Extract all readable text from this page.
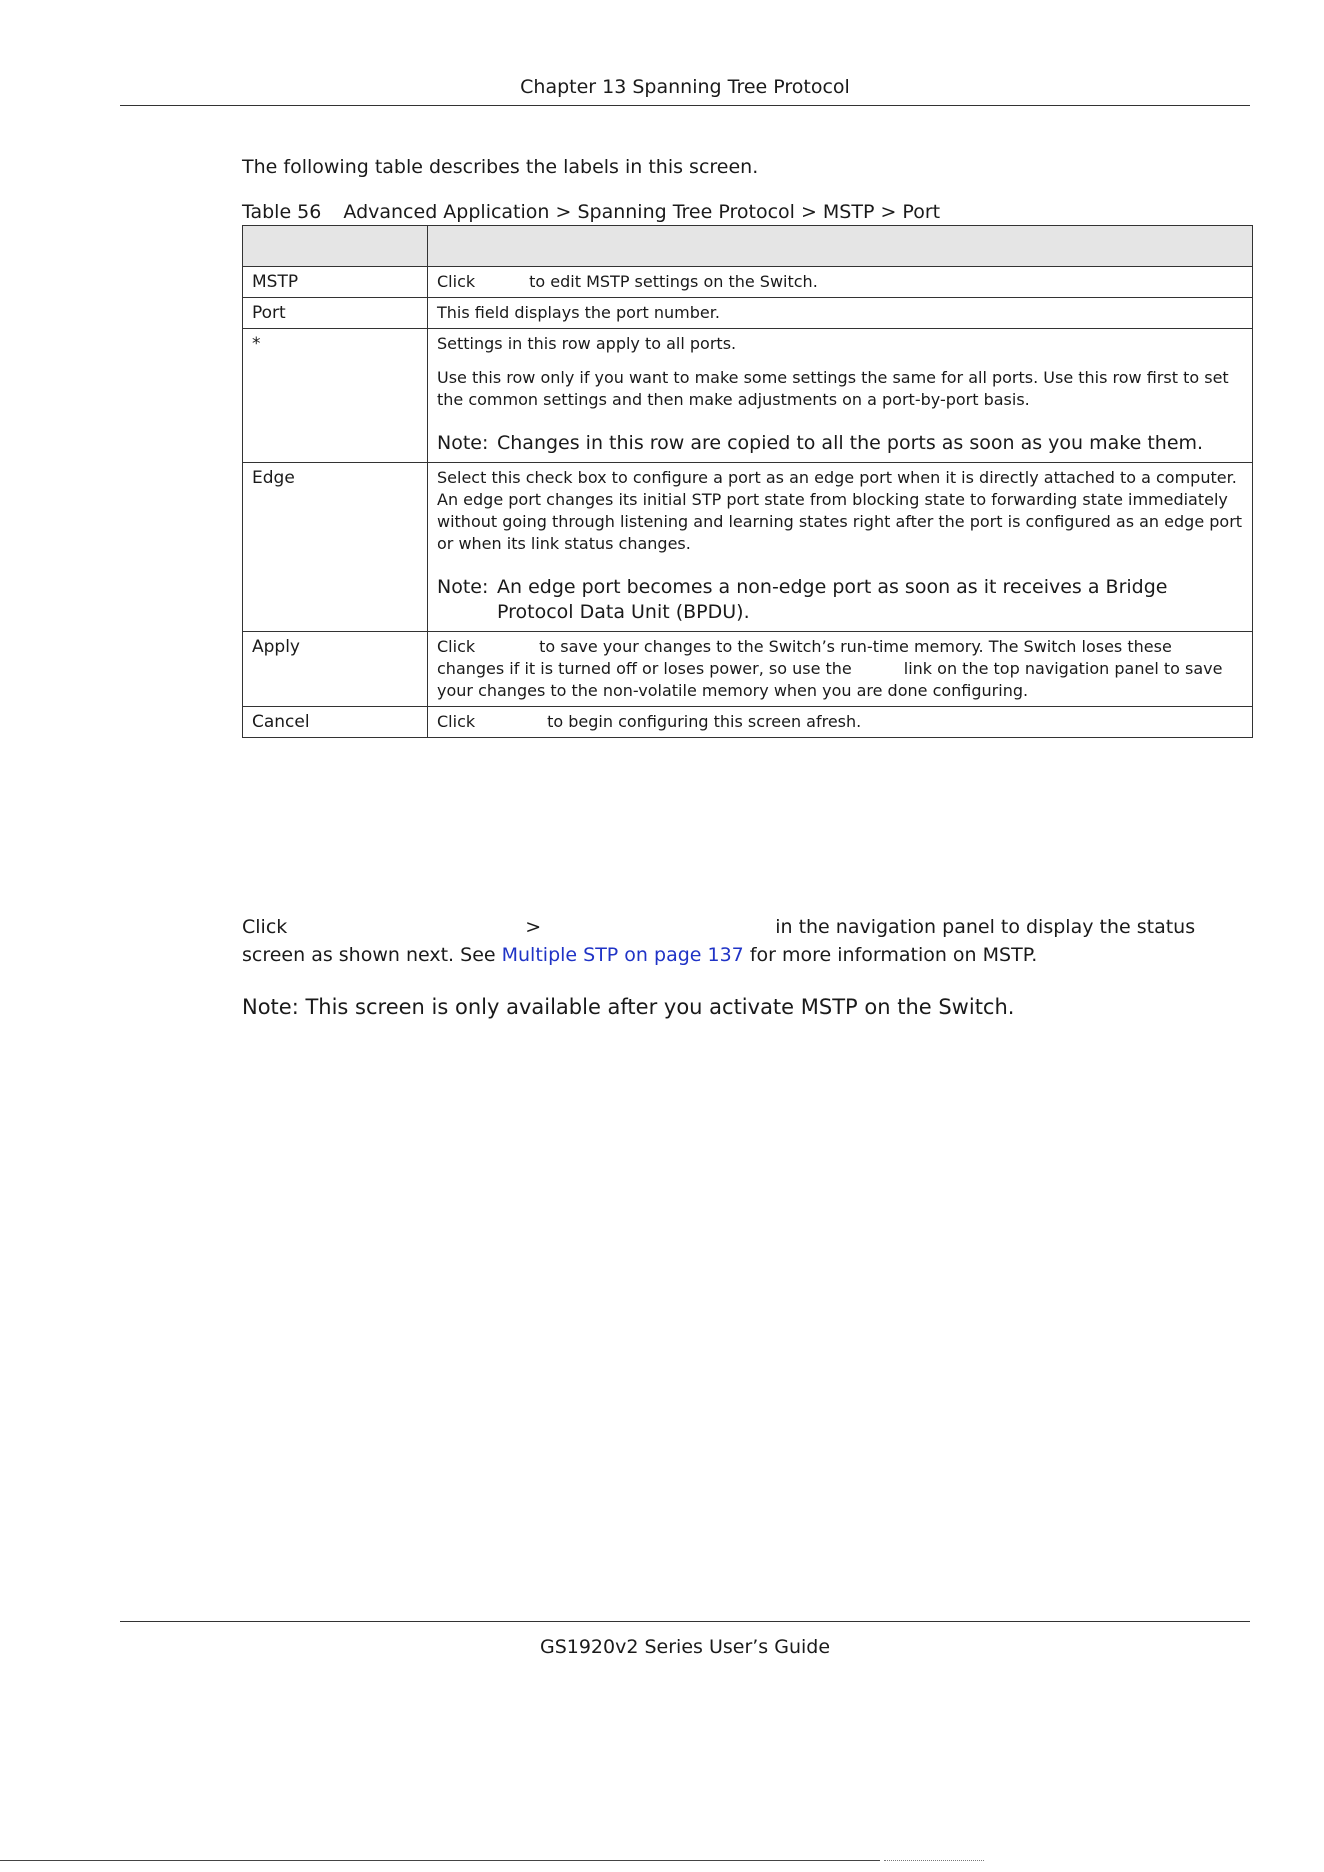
Chapter 13 Spanning Tree Protocol
The following table describes the labels in this screen.
Table 56 Advanced Application > Spanning Tree Protocol > MSTP > Port

MSTP	Click to edit MSTP settings on the Switch.
Port	This field displays the port number.
*	Settings in this row apply to all ports.
Use this row only if you want to make some settings the same for all ports. Use this row first to set the common settings and then make adjustments on a port-by-port basis.
Note: Changes in this row are copied to all the ports as soon as you make them.

Edge	Select this check box to configure a port as an edge port when it is directly attached to a computer. An edge port changes its initial STP port state from blocking state to forwarding state immediately without going through listening and learning states right after the port is configured as an edge port or when its link status changes.
Note: An edge port becomes a non-edge port as soon as it receives a Bridge
Protocol Data Unit (BPDU).

Apply	Click to save your changes to the Switch’s run-time memory. The Switch loses these changes if it is turned off or loses power, so use the link on the top navigation panel to save your changes to the non-volatile memory when you are done configuring.
Cancel	Click to begin configuring this screen afresh.
Click	>	in the navigation panel to display the status screen as shown next. See Multiple STP on page 137 for more information on MSTP.
Note: This screen is only available after you activate MSTP on the Switch.
GS1920v2 Series User’s Guide
